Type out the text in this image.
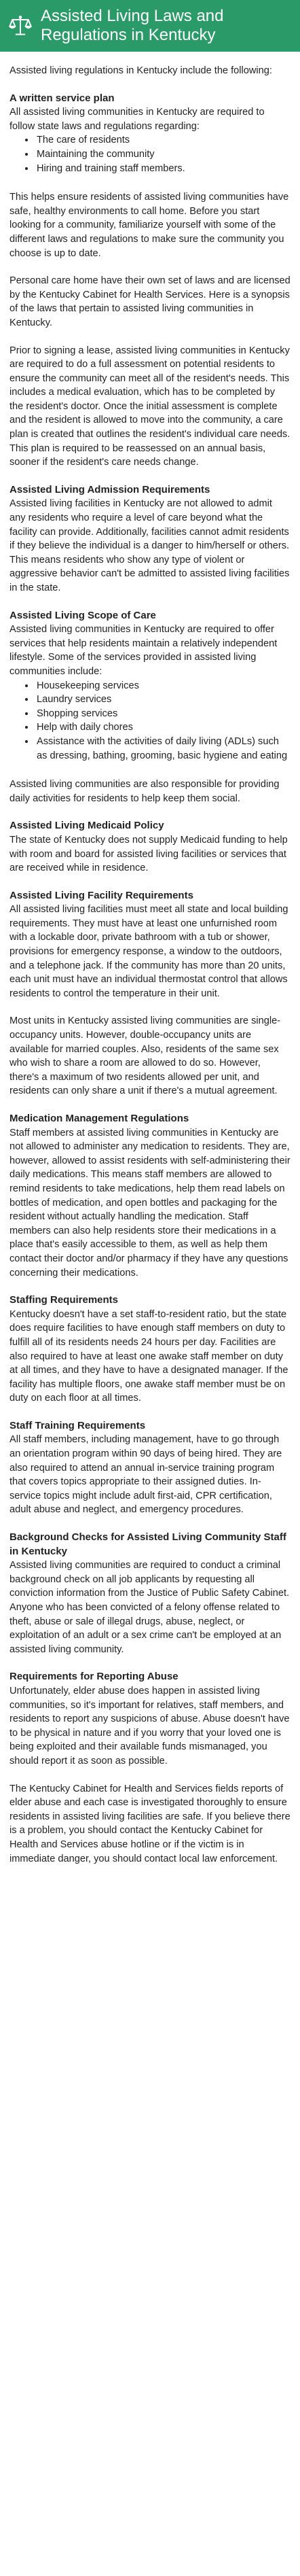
Assisted Living Laws and Regulations in Kentucky

Assisted living regulations in Kentucky include the following:

A written service plan

All assisted living communities in Kentucky are required to follow state laws and regulations regarding:

• The care of residents
• Maintaining the community
• Hiring and training staff members.

This helps ensure residents of assisted living communities have safe, healthy environments to call home. Before you start looking for a community, familiarize yourself with some of the different laws and regulations to make sure the community you choose is up to date.

Personal care home have their own set of laws and are licensed by the Kentucky Cabinet for Health Services. Here is a synopsis of the laws that pertain to assisted living communities in Kentucky.

Prior to signing a lease, assisted living communities in Kentucky are required to do a full assessment on potential residents to ensure the community can meet all of the resident's needs. This includes a medical evaluation, which has to be completed by the resident's doctor. Once the initial assessment is complete and the resident is allowed to move into the community, a care plan is created that outlines the resident's individual care needs. This plan is required to be reassessed on an annual basis, sooner if the resident's care needs change.

Assisted Living Admission Requirements

Assisted living facilities in Kentucky are not allowed to admit any residents who require a level of care beyond what the facility can provide. Additionally, facilities cannot admit residents if they believe the individual is a danger to him/herself or others. This means residents who show any type of violent or aggressive behavior can't be admitted to assisted living facilities in the state.

Assisted Living Scope of Care

Assisted living communities in Kentucky are required to offer services that help residents maintain a relatively independent lifestyle. Some of the services provided in assisted living communities include:

• Housekeeping services
• Laundry services
• Shopping services
• Help with daily chores
• Assistance with the activities of daily living (ADLs) such as dressing, bathing, grooming, basic hygiene and eating

Assisted living communities are also responsible for providing daily activities for residents to help keep them social.

Assisted Living Medicaid Policy

The state of Kentucky does not supply Medicaid funding to help with room and board for assisted living facilities or services that are received while in residence.

Assisted Living Facility Requirements

All assisted living facilities must meet all state and local building requirements. They must have at least one unfurnished room with a lockable door, private bathroom with a tub or shower, provisions for emergency response, a window to the outdoors, and a telephone jack. If the community has more than 20 units, each unit must have an individual thermostat control that allows residents to control the temperature in their unit.

Most units in Kentucky assisted living communities are single-occupancy units. However, double-occupancy units are available for married couples. Also, residents of the same sex who wish to share a room are allowed to do so. However, there's a maximum of two residents allowed per unit, and residents can only share a unit if there's a mutual agreement.

Medication Management Regulations

Staff members at assisted living communities in Kentucky are not allowed to administer any medication to residents. They are, however, allowed to assist residents with self-administering their daily medications. This means staff members are allowed to remind residents to take medications, help them read labels on bottles of medication, and open bottles and packaging for the resident without actually handling the medication. Staff members can also help residents store their medications in a place that's easily accessible to them, as well as help them contact their doctor and/or pharmacy if they have any questions concerning their medications.

Staffing Requirements

Kentucky doesn't have a set staff-to-resident ratio, but the state does require facilities to have enough staff members on duty to fulfill all of its residents needs 24 hours per day. Facilities are also required to have at least one awake staff member on duty at all times, and they have to have a designated manager. If the facility has multiple floors, one awake staff member must be on duty on each floor at all times.

Staff Training Requirements

All staff members, including management, have to go through an orientation program within 90 days of being hired. They are also required to attend an annual in-service training program that covers topics appropriate to their assigned duties. In-service topics might include adult first-aid, CPR certification, adult abuse and neglect, and emergency procedures.

Background Checks for Assisted Living Community Staff in Kentucky

Assisted living communities are required to conduct a criminal background check on all job applicants by requesting all conviction information from the Justice of Public Safety Cabinet. Anyone who has been convicted of a felony offense related to theft, abuse or sale of illegal drugs, abuse, neglect, or exploitation of an adult or a sex crime can't be employed at an assisted living community.

Requirements for Reporting Abuse

Unfortunately, elder abuse does happen in assisted living communities, so it's important for relatives, staff members, and residents to report any suspicions of abuse. Abuse doesn't have to be physical in nature and if you worry that your loved one is being exploited and their available funds mismanaged, you should report it as soon as possible.

The Kentucky Cabinet for Health and Services fields reports of elder abuse and each case is investigated thoroughly to ensure residents in assisted living facilities are safe. If you believe there is a problem, you should contact the Kentucky Cabinet for Health and Services abuse hotline or if the victim is in immediate danger, you should contact local law enforcement.
